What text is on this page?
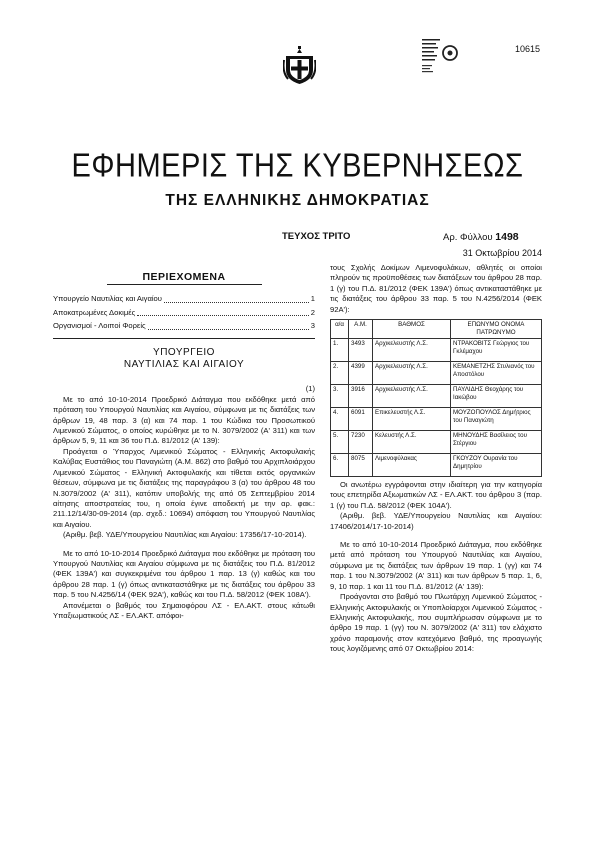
10615
ΕΦΗΜΕΡΙΣ ΤΗΣ ΚΥΒΕΡΝΗΣΕΩΣ
ΤΗΣ ΕΛΛΗΝΙΚΗΣ ΔΗΜΟΚΡΑΤΙΑΣ
ΤΕΥΧΟΣ ΤΡΙΤΟ	Αρ. Φύλλου 1498
31 Οκτωβρίου 2014
ΠΕΡΙΕΧΟΜΕΝΑ
Υπουργείο Ναυτιλίας και Αιγαίου	1
Αποκατρωμένες Δοκιμές	2
Οργανισμοί - Λοιποί Φορείς	3
ΥΠΟΥΡΓΕΙΟ
ΝΑΥΤΙΛΙΑΣ ΚΑΙ ΑΙΓΑΙΟΥ
(1)

Με το από 10-10-2014 Προεδρικό Διάταγμα που εκδόθηκε μετά από πρόταση του Υπουργού Ναυτιλίας και Αιγαίου, σύμφωνα με τις διατάξεις των άρθρων 19, 48 παρ. 3 (α) και 74 παρ. 1 του Κώδικα του Προσωπικού Λιμενικού Σώματος, ο οποίος κυρώθηκε με το Ν. 3079/2002 (Α' 311) και των άρθρων 5, 9, 11 και 36 του Π.Δ. 81/2012 (Α' 139):

Προάγεται ο Ύπαρχος Λιμενικού Σώματος - Ελληνικής Ακτοφυλακής Καλύβας Ευστάθιος του Παναγιώτη (Α.Μ. 862) στο βαθμό του Αρχιπλοιάρχου Λιμενικού Σώματος - Ελληνική Ακτοφυλακής και τίθεται εκτός οργανικών θέσεων, σύμφωνα με τις διατάξεις της παραγράφου 3 (α) του άρθρου 48 του Ν.3079/2002 (Α' 311), κατόπιν υποβολής της από 05 Σεπτεμβρίου 2014 αίτησης αποστρατείας του, η οποία έγινε αποδεκτή με την αρ. φακ.: 211.12/14/30-09-2014 (αρ. σχεδ.: 10694) απόφαση του Υπουργού Ναυτιλίας και Αιγαίου.

(Αριθμ. βεβ. ΥΔΕ/Υπουργείου Ναυτιλίας και Αιγαίου: 17356/17-10-2014).

Με το από 10-10-2014 Προεδρικό Διάταγμα που εκδόθηκε με πρόταση του Υπουργού Ναυτιλίας και Αιγαίου σύμφωνα με τις διατάξεις του Π.Δ. 81/2012 (ΦΕΚ 139Α') και συγκεκριμένα του άρθρου 1 παρ. 13 (γ) καθώς και του άρθρου 28 παρ. 1 (γ) όπως αντικαταστάθηκε με τις διατάξεις του άρθρου 33 παρ. 5 του Ν.4256/14 (ΦΕΚ 92Α'), καθώς και του Π.Δ. 58/2012 (ΦΕΚ 108Α').

Απονέμεται ο βαθμός του Σημαιοφόρου ΛΣ - ΕΛ.ΑΚΤ. στους κάτωθι Υπαξιωματικούς ΛΣ - ΕΛ.ΑΚΤ. απόφοι-

τους Σχολής Δοκίμων Λιμενοφυλάκων, αθλητές οι οποίοι πληρούν τις προϋποθέσεις των διατάξεων του άρθρου 28 παρ. 1 (γ) του Π.Δ. 81/2012 (ΦΕΚ 139Α') όπως αντικαταστάθηκε με τις διατάξεις του άρθρου 33 παρ. 5 του Ν.4256/2014 (ΦΕΚ 92Α'):

α/α	Α.Μ.	ΒΑΘΜΟΣ	ΕΠΩΝΥΜΟ ΟΝΟΜΑ ΠΑΤΡΩΝΥΜΟ
1.	3493	Αρχικελευστής Λ.Σ.	ΝΤΡΑΚΟΒΙΤΣ Γεώργιος του Γκλέμαχου
2.	4399	Αρχικελευστής Λ.Σ.	ΚΕΜΑΝΕΤΖΗΣ Στυλιανός του Αποστόλου
3.	3916	Αρχικελευστής Λ.Σ.	ΠΑΥΛΙΔΗΣ Θεοχάρης του Ιακώβου
4.	6091	Επικελευστής Λ.Σ.	ΜΟΥΖΟΠΟΥΛΟΣ Δημήτριος του Παναγιώτη
5.	7230	Κελευστής Λ.Σ.	ΜΗΝΟΥΔΗΣ Βασίλειος του Στέργιου
6.	8075	Λιμενοφύλακας	ΓΚΟΥΖΟΥ Ουρανία του Δημητρίου

Οι ανωτέρω εγγράφονται στην ιδιαίτερη για την κατηγορία τους επετηρίδα Αξιωματικών ΛΣ - ΕΛ.ΑΚΤ. του άρθρου 3 (παρ. 1 (γ) του Π.Δ. 58/2012 (ΦΕΚ 104Α').

(Αριθμ. βεβ. ΥΔΕ/Υπουργείου Ναυτιλίας και Αιγαίου: 17406/2014/17-10-2014)

Με το από 10-10-2014 Προεδρικό Διάταγμα, που εκδόθηκε μετά από πρόταση του Υπουργού Ναυτιλίας και Αιγαίου, σύμφωνα με τις διατάξεις των άρθρων 19 παρ. 1 (γγ) και 74 παρ. 1 του Ν.3079/2002 (Α' 311) και των άρθρων 5 παρ. 1, 6, 9, 10 παρ. 1 και 11 του Π.Δ. 81/2012 (Α' 139):

Προάγονται στο βαθμό του Πλωτάρχη Λιμενικού Σώματος - Ελληνικής Ακτοφυλακής οι Υποπλοίαρχοι Λιμενικού Σώματος - Ελληνικής Ακτοφυλακής, που συμπλήρωσαν σύμφωνα με το άρθρο 19 παρ. 1 (γγ) του Ν. 3079/2002 (Α' 311) τον ελάχιστο χρόνο παραμονής στον κατεχόμενο βαθμό, της προαγωγής τους λογιζόμενης από 07 Οκτωβρίου 2014:
